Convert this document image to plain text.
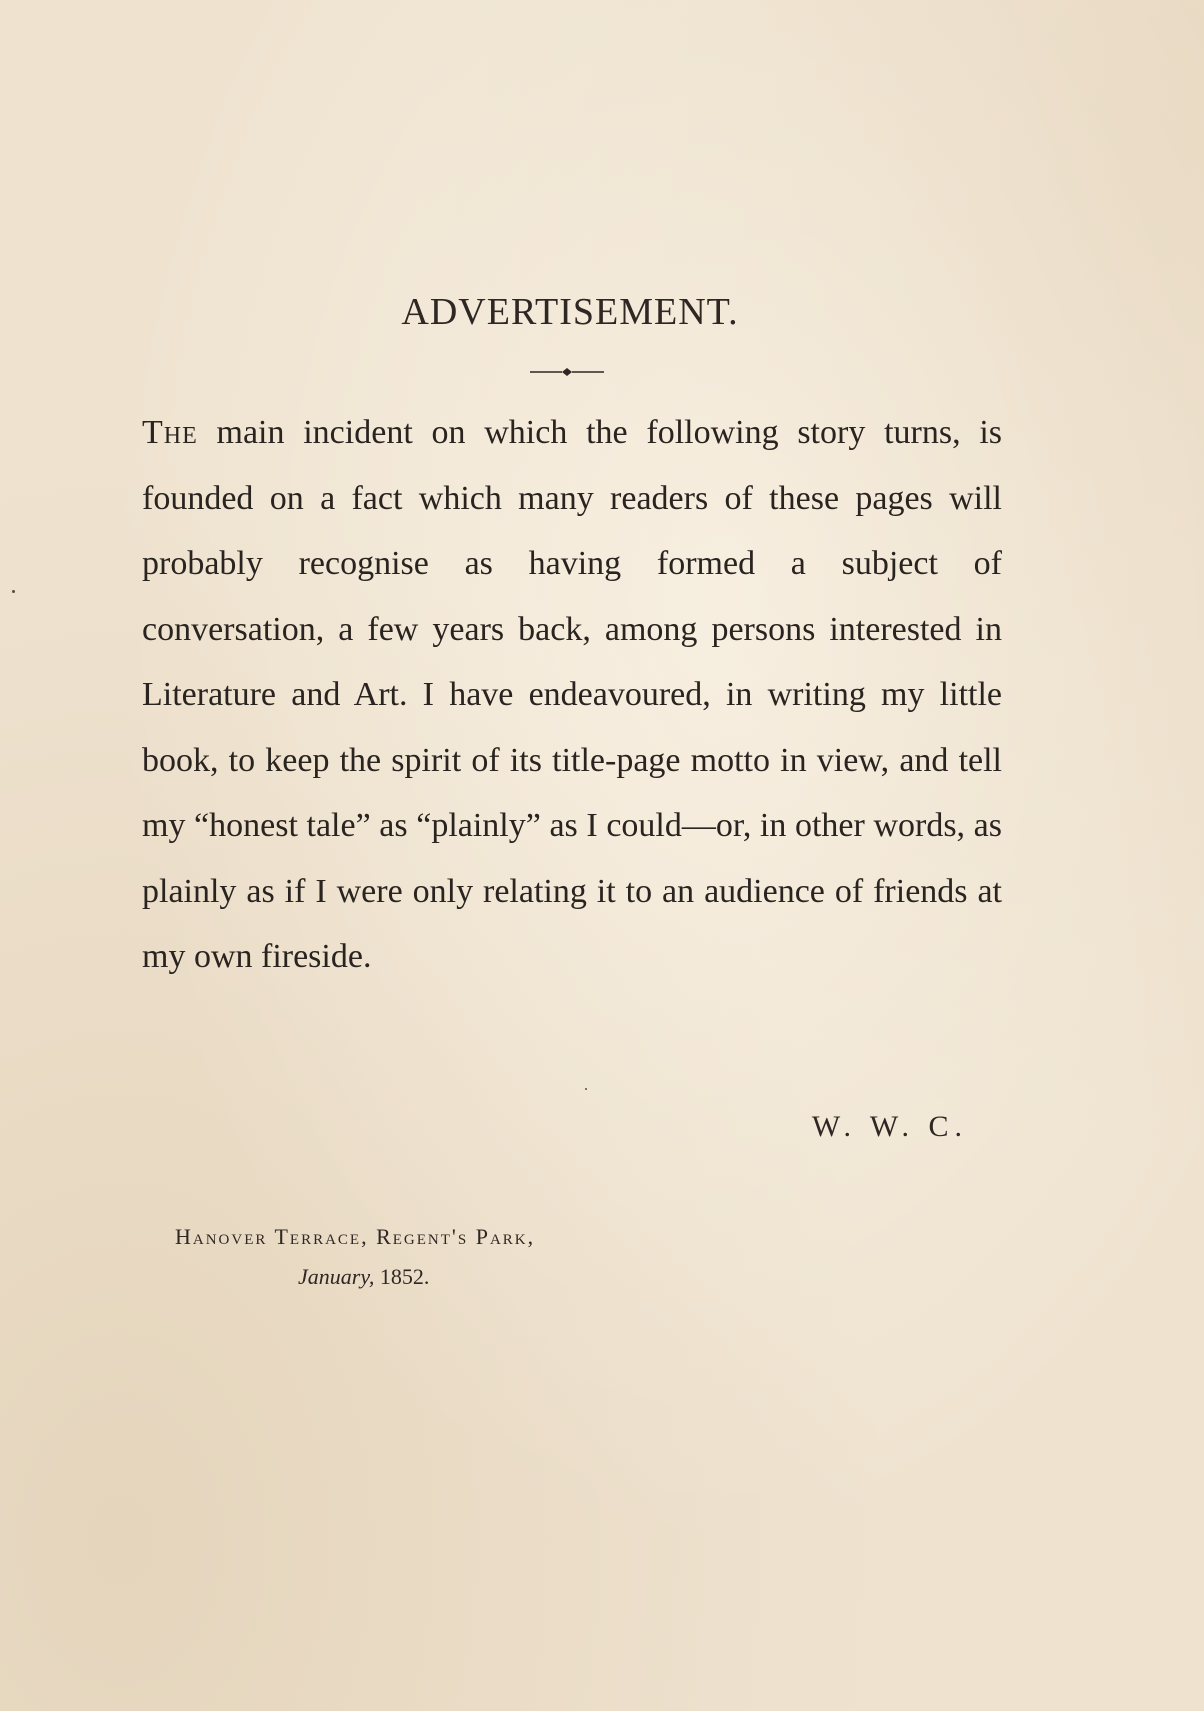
ADVERTISEMENT.

The main incident on which the following story turns, is founded on a fact which many readers of these pages will probably recognise as having formed a subject of conversation, a few years back, among persons interested in Literature and Art. I have endeavoured, in writing my little book, to keep the spirit of its title-page motto in view, and tell my “honest tale” as “plainly” as I could—or, in other words, as plainly as if I were only relating it to an audience of friends at my own fireside.

W. W. C.
Hanover Terrace, Regent's Park,
January, 1852.
